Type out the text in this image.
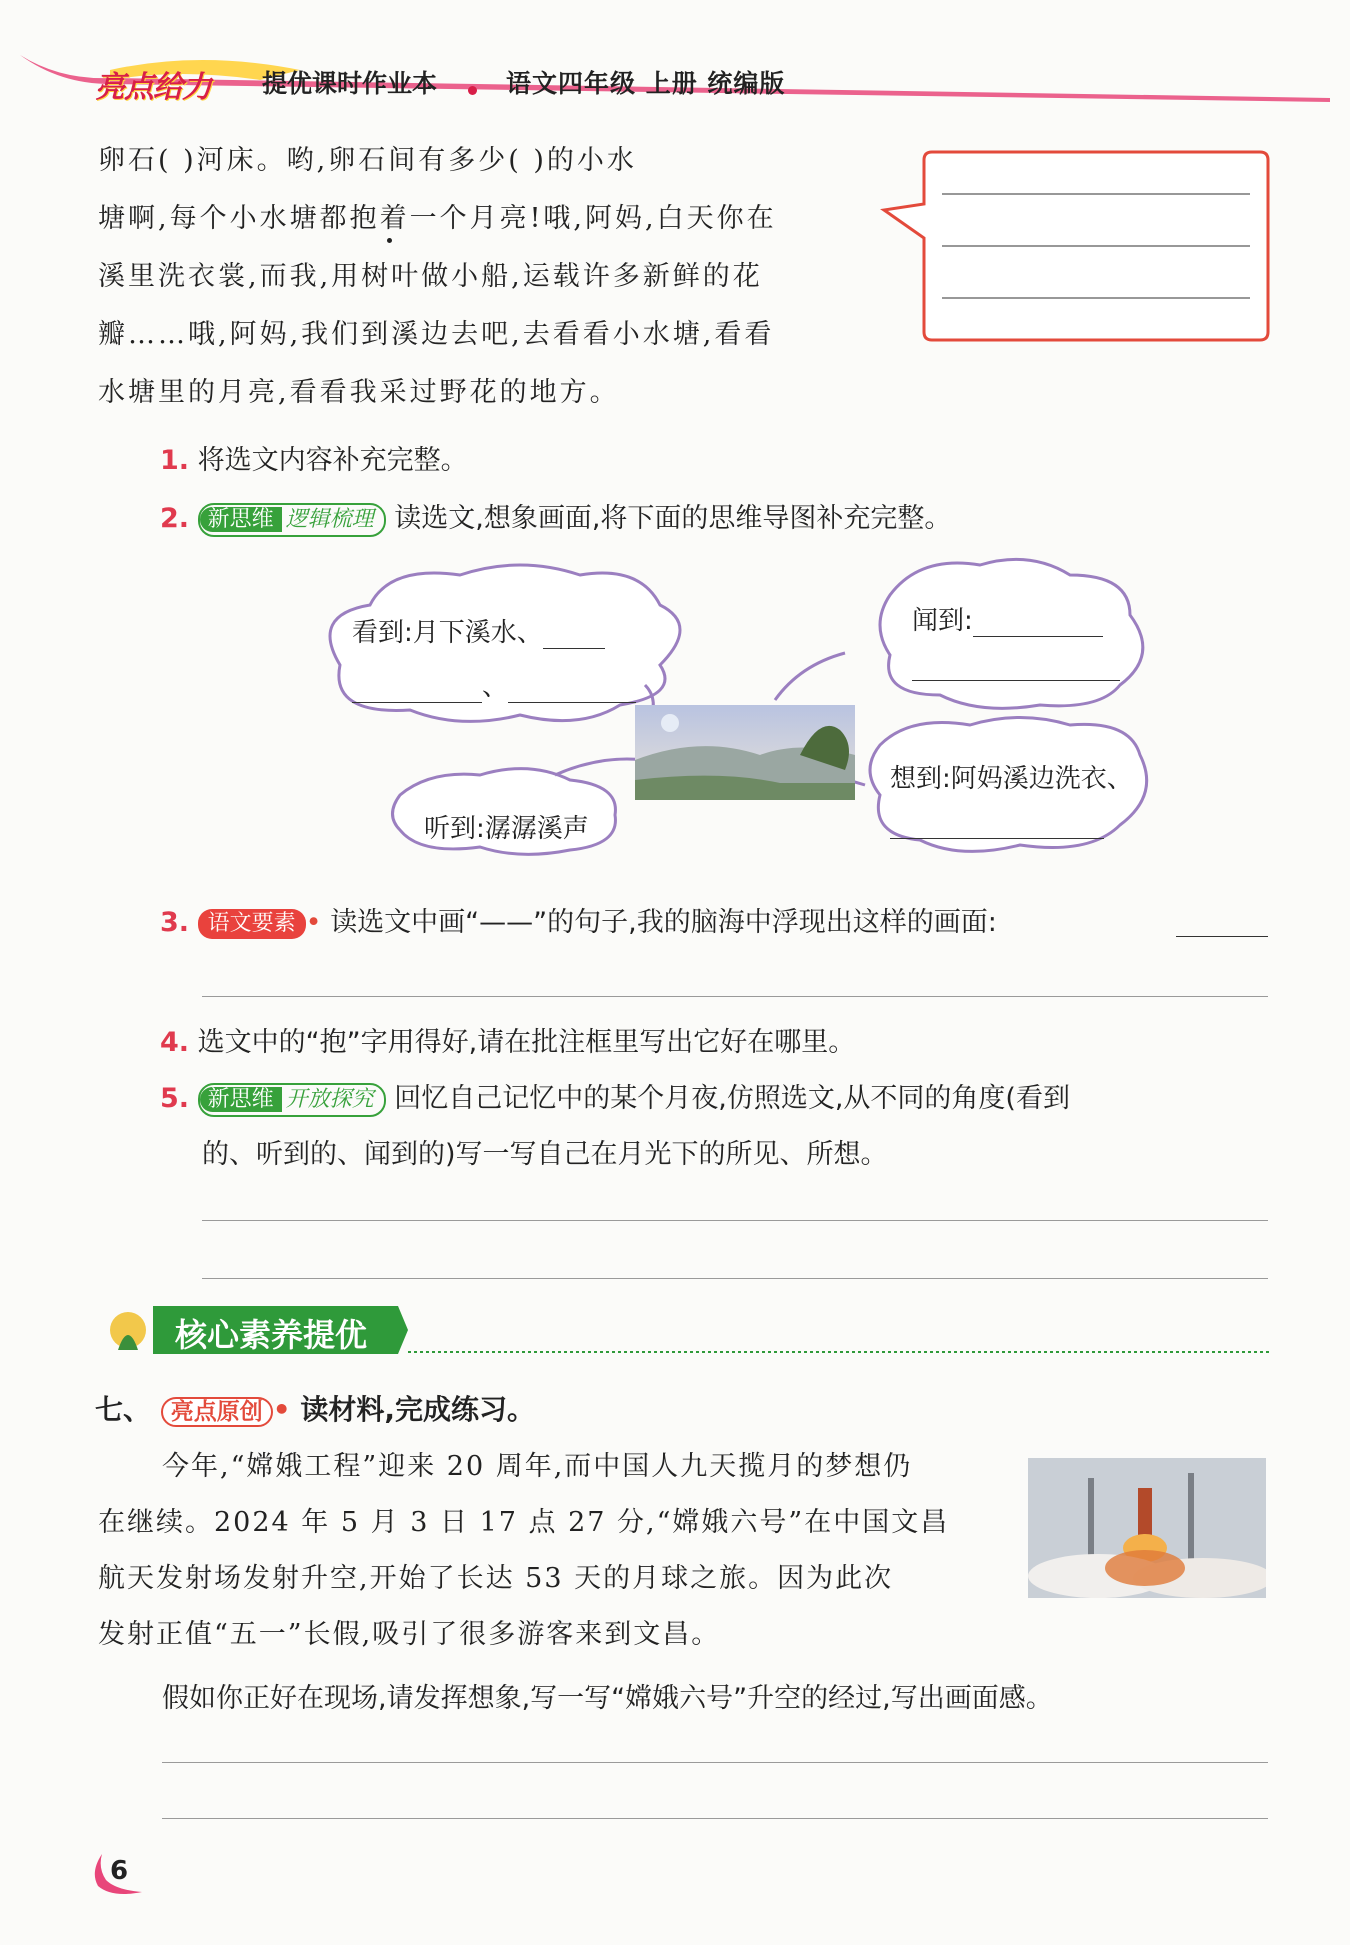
亮点给力 提优课时作业本	语文四年级 上册 统编版
卵石( )河床。哟,卵石间有多少( )的小水
塘啊,每个小水塘都抱着一个月亮!哦,阿妈,白天你在
溪里洗衣裳,而我,用树叶做小船,运载许多新鲜的花
瓣……哦,阿妈,我们到溪边去吧,去看看小水塘,看看
水塘里的月亮,看看我采过野花的地方。
1. 将选文内容补充完整。
2. 新思维 逻辑梳理 读选文,想象画面,将下面的思维导图补充完整。
看到:月下溪水、
、
闻到:
想到:阿妈溪边洗衣、
听到:潺潺溪声
3. 语文要素 • 读选文中画“——”的句子,我的脑海中浮现出这样的画面:
4. 选文中的“抱”字用得好,请在批注框里写出它好在哪里。
5. 新思维 开放探究 回忆自己记忆中的某个月夜,仿照选文,从不同的角度(看到
的、听到的、闻到的)写一写自己在月光下的所见、所想。
核心素养提优
七、 亮点原创 • 读材料,完成练习。
今年,“嫦娥工程”迎来 20 周年,而中国人九天揽月的梦想仍
在继续。2024 年 5 月 3 日 17 点 27 分,“嫦娥六号”在中国文昌
航天发射场发射升空,开始了长达 53 天的月球之旅。因为此次
发射正值“五一”长假,吸引了很多游客来到文昌。
假如你正好在现场,请发挥想象,写一写“嫦娥六号”升空的经过,写出画面感。
6
